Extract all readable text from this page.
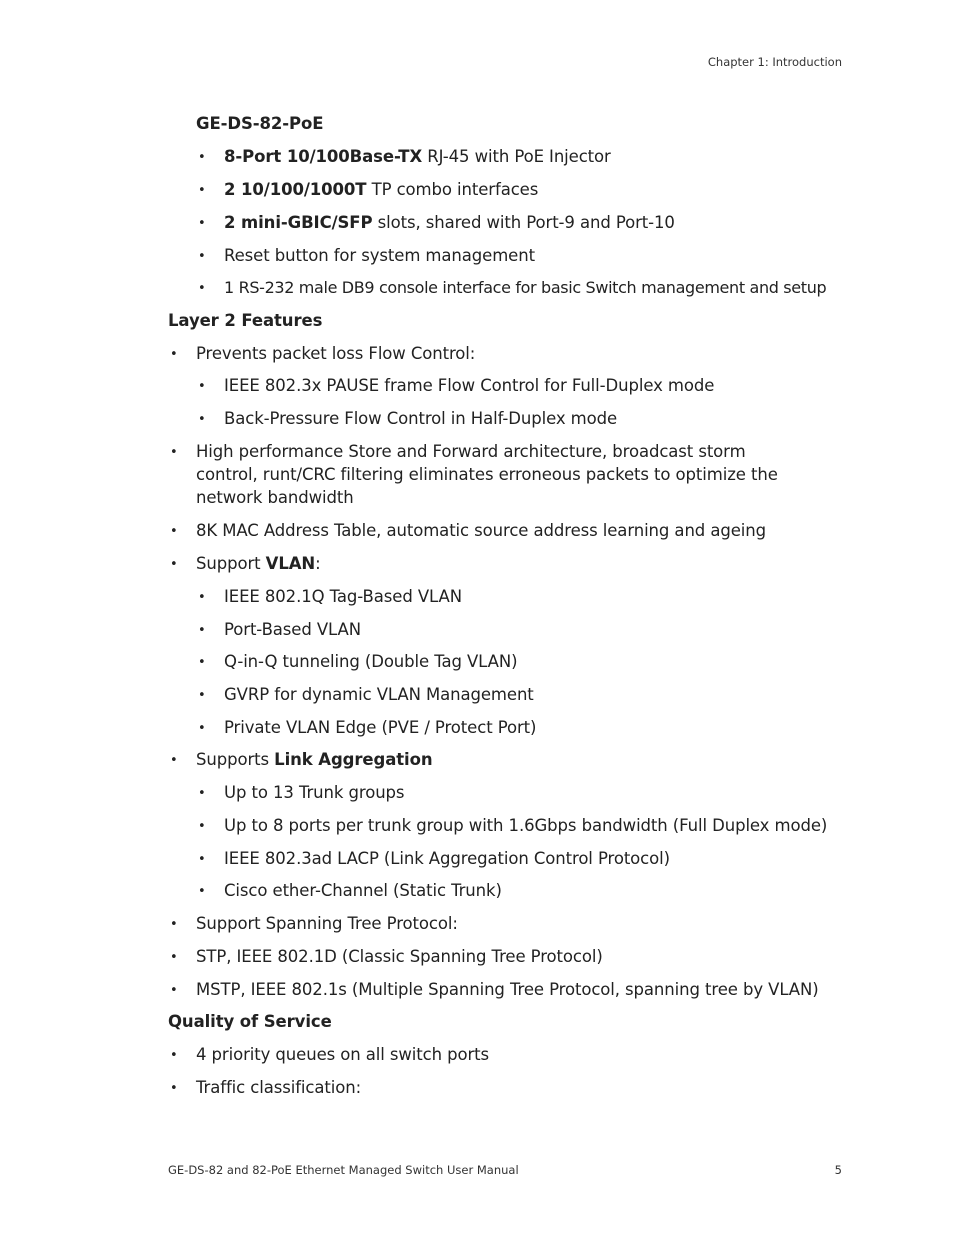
Chapter 1: Introduction
GE-DS-82-PoE
• 8-Port 10/100Base-TX RJ-45 with PoE Injector
• 2 10/100/1000T TP combo interfaces
• 2 mini-GBIC/SFP slots, shared with Port-9 and Port-10
• Reset button for system management
• 1 RS-232 male DB9 console interface for basic Switch management and setup
Layer 2 Features
• Prevents packet loss Flow Control:
• IEEE 802.3x PAUSE frame Flow Control for Full-Duplex mode
• Back-Pressure Flow Control in Half-Duplex mode
• High performance Store and Forward architecture, broadcast storm control, runt/CRC filtering eliminates erroneous packets to optimize the network bandwidth
• 8K MAC Address Table, automatic source address learning and ageing
• Support VLAN:
• IEEE 802.1Q Tag-Based VLAN
• Port-Based VLAN
• Q-in-Q tunneling (Double Tag VLAN)
• GVRP for dynamic VLAN Management
• Private VLAN Edge (PVE / Protect Port)
• Supports Link Aggregation
• Up to 13 Trunk groups
• Up to 8 ports per trunk group with 1.6Gbps bandwidth (Full Duplex mode)
• IEEE 802.3ad LACP (Link Aggregation Control Protocol)
• Cisco ether-Channel (Static Trunk)
• Support Spanning Tree Protocol:
• STP, IEEE 802.1D (Classic Spanning Tree Protocol)
• MSTP, IEEE 802.1s (Multiple Spanning Tree Protocol, spanning tree by VLAN)
Quality of Service
• 4 priority queues on all switch ports
• Traffic classification:
GE-DS-82 and 82-PoE Ethernet Managed Switch User Manual	5
